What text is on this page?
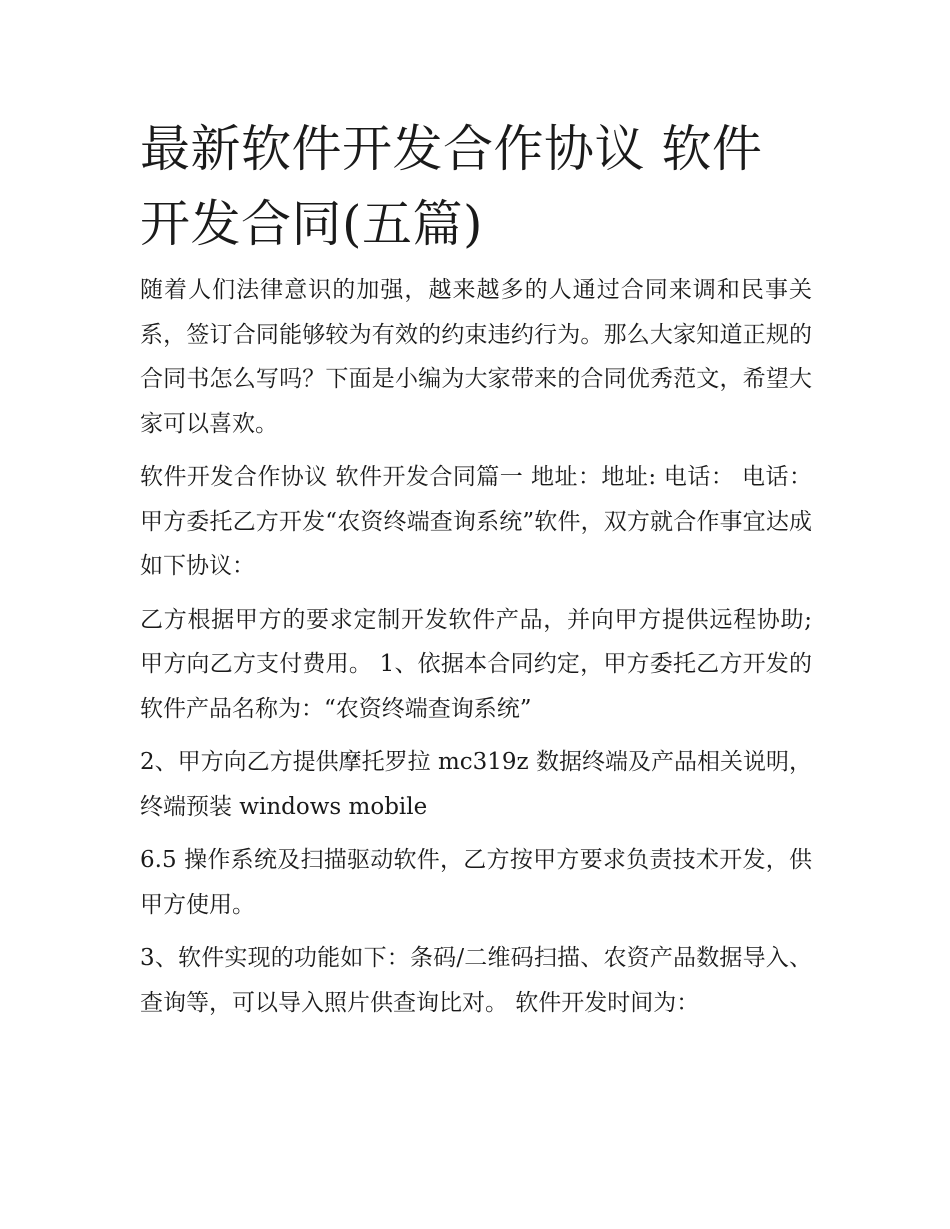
最新软件开发合作协议 软件开发合同(五篇)

随着人们法律意识的加强，越来越多的人通过合同来调和民事关系，签订合同能够较为有效的约束违约行为。那么大家知道正规的合同书怎么写吗？下面是小编为大家带来的合同优秀范文，希望大家可以喜欢。

软件开发合作协议 软件开发合同篇一 地址：地址: 电话： 电话： 甲方委托乙方开发“农资终端查询系统”软件，双方就合作事宜达成如下协议：

乙方根据甲方的要求定制开发软件产品，并向甲方提供远程协助;甲方向乙方支付费用。 1、依据本合同约定，甲方委托乙方开发的软件产品名称为：“农资终端查询系统”

2、甲方向乙方提供摩托罗拉 mc319z 数据终端及产品相关说明，终端预装 windows mobile

6.5 操作系统及扫描驱动软件，乙方按甲方要求负责技术开发，供甲方使用。

3、软件实现的功能如下：条码/二维码扫描、农资产品数据导入、查询等，可以导入照片供查询比对。 软件开发时间为：
